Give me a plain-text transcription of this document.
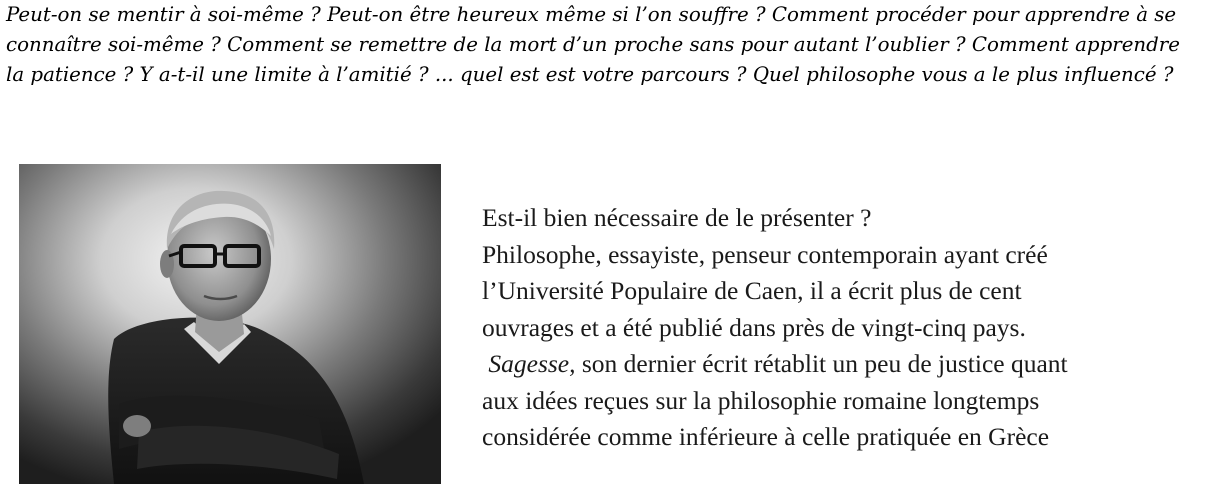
Peut-on se mentir à soi-même ? Peut-on être heureux même si l’on souffre ? Comment procéder pour apprendre à se connaître soi-même ? Comment se remettre de la mort d’un proche sans pour autant l’oublier ? Comment apprendre la patience ? Y a-t-il une limite à l’amitié ? ... quel est est votre parcours ? Quel philosophe vous a le plus influencé ?
Est-il bien nécessaire de le présenter ?
Philosophe, essayiste, penseur contemporain ayant créé
l’Université Populaire de Caen, il a écrit plus de cent
ouvrages et a été publié dans près de vingt-cinq pays.
Sagesse, son dernier écrit rétablit un peu de justice quant
aux idées reçues sur la philosophie romaine longtemps
considérée comme inférieure à celle pratiquée en Grèce
